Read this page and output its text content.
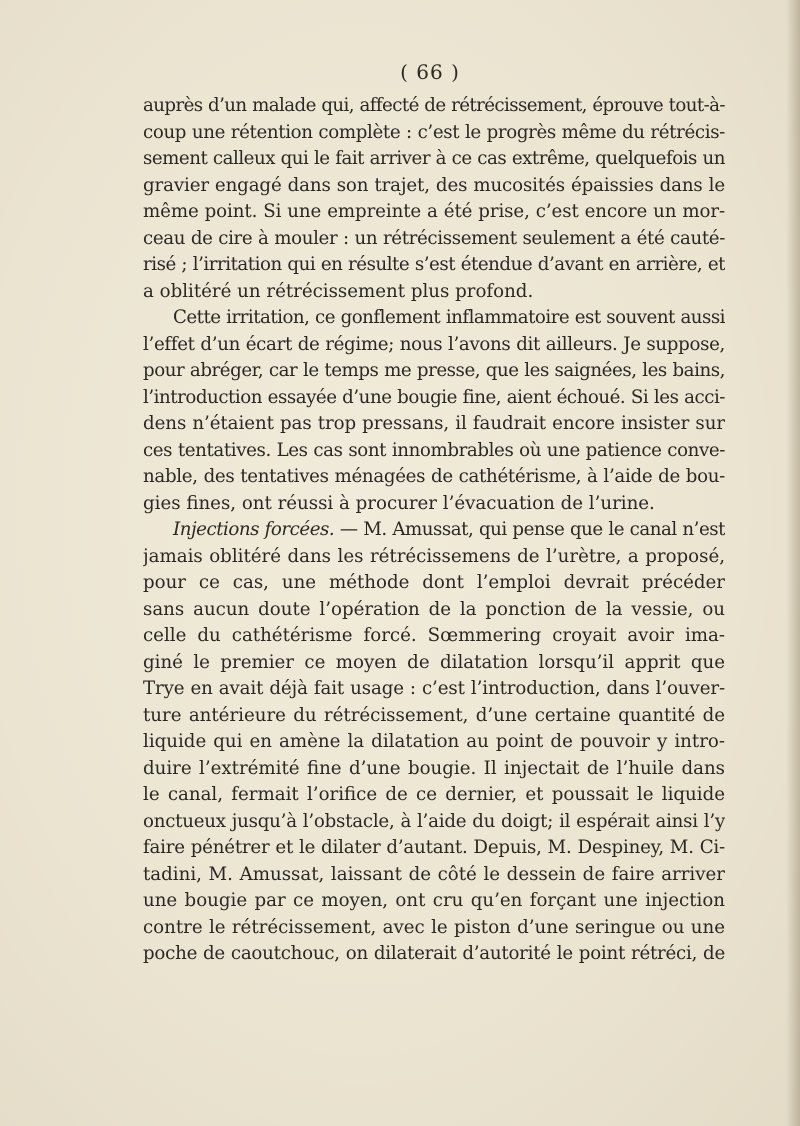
( 66 )
auprès d’un malade qui, affecté de rétrécissement, éprouve tout-à-
coup une rétention complète : c’est le progrès même du rétrécis-
sement calleux qui le fait arriver à ce cas extrême, quelquefois un
gravier engagé dans son trajet, des mucosités épaissies dans le
même point. Si une empreinte a été prise, c’est encore un mor-
ceau de cire à mouler : un rétrécissement seulement a été cauté-
risé ; l’irritation qui en résulte s’est étendue d’avant en arrière, et
a oblitéré un rétrécissement plus profond.
Cette irritation, ce gonflement inflammatoire est souvent aussi
l’effet d’un écart de régime; nous l’avons dit ailleurs. Je suppose,
pour abréger, car le temps me presse, que les saignées, les bains,
l’introduction essayée d’une bougie fine, aient échoué. Si les acci-
dens n’étaient pas trop pressans, il faudrait encore insister sur
ces tentatives. Les cas sont innombrables où une patience conve-
nable, des tentatives ménagées de cathétérisme, à l’aide de bou-
gies fines, ont réussi à procurer l’évacuation de l’urine.
Injections forcées. — M. Amussat, qui pense que le canal n’est
jamais oblitéré dans les rétrécissemens de l’urètre, a proposé,
pour ce cas, une méthode dont l’emploi devrait précéder
sans aucun doute l’opération de la ponction de la vessie, ou
celle du cathétérisme forcé. Sœmmering croyait avoir ima-
giné le premier ce moyen de dilatation lorsqu’il apprit que
Trye en avait déjà fait usage : c’est l’introduction, dans l’ouver-
ture antérieure du rétrécissement, d’une certaine quantité de
liquide qui en amène la dilatation au point de pouvoir y intro-
duire l’extrémité fine d’une bougie. Il injectait de l’huile dans
le canal, fermait l’orifice de ce dernier, et poussait le liquide
onctueux jusqu’à l’obstacle, à l’aide du doigt; il espérait ainsi l’y
faire pénétrer et le dilater d’autant. Depuis, M. Despiney, M. Ci-
tadini, M. Amussat, laissant de côté le dessein de faire arriver
une bougie par ce moyen, ont cru qu’en forçant une injection
contre le rétrécissement, avec le piston d’une seringue ou une
poche de caoutchouc, on dilaterait d’autorité le point rétréci, de
